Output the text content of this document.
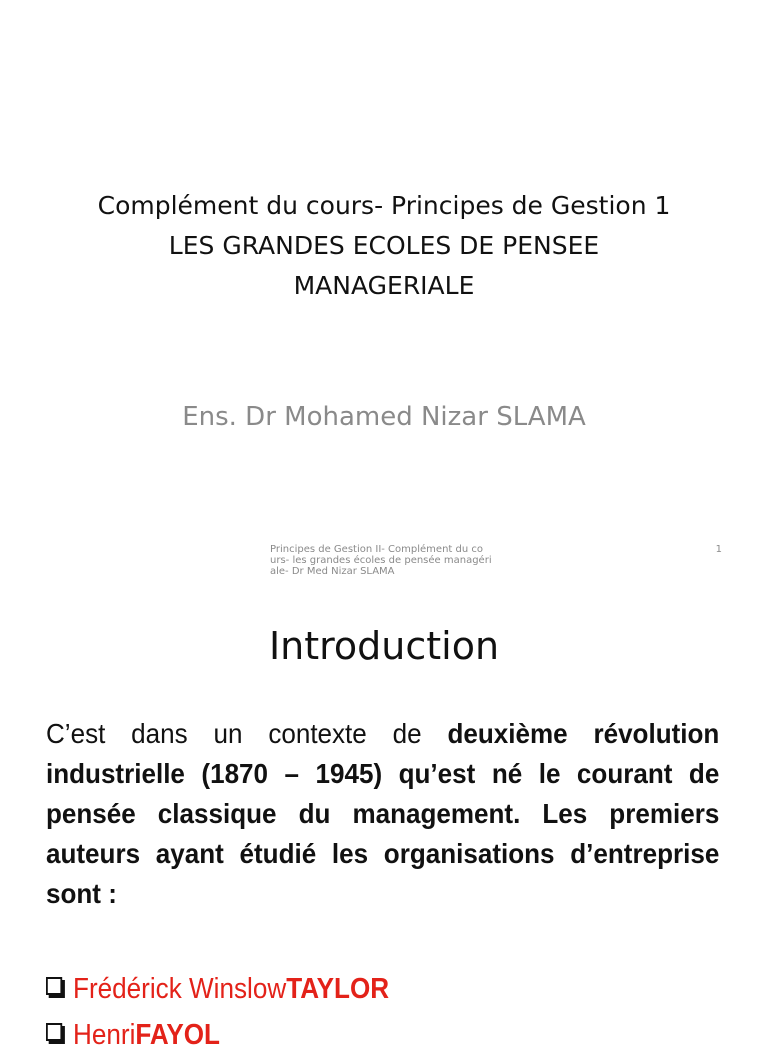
Complément du cours- Principes de Gestion 1
LES GRANDES ECOLES DE PENSEE
MANAGERIALE
Ens. Dr Mohamed Nizar SLAMA
Principes de Gestion II- Complément du co
urs- les grandes écoles de pensée managéri
ale- Dr Med Nizar SLAMA
1
Introduction
C’est dans un contexte de deuxième révolution industrielle (1870 – 1945) qu’est né le courant de pensée classique du management. Les premiers auteurs ayant étudié les organisations d’entreprise sont :
Frédérick Winslow TAYLOR
Henri FAYOL
